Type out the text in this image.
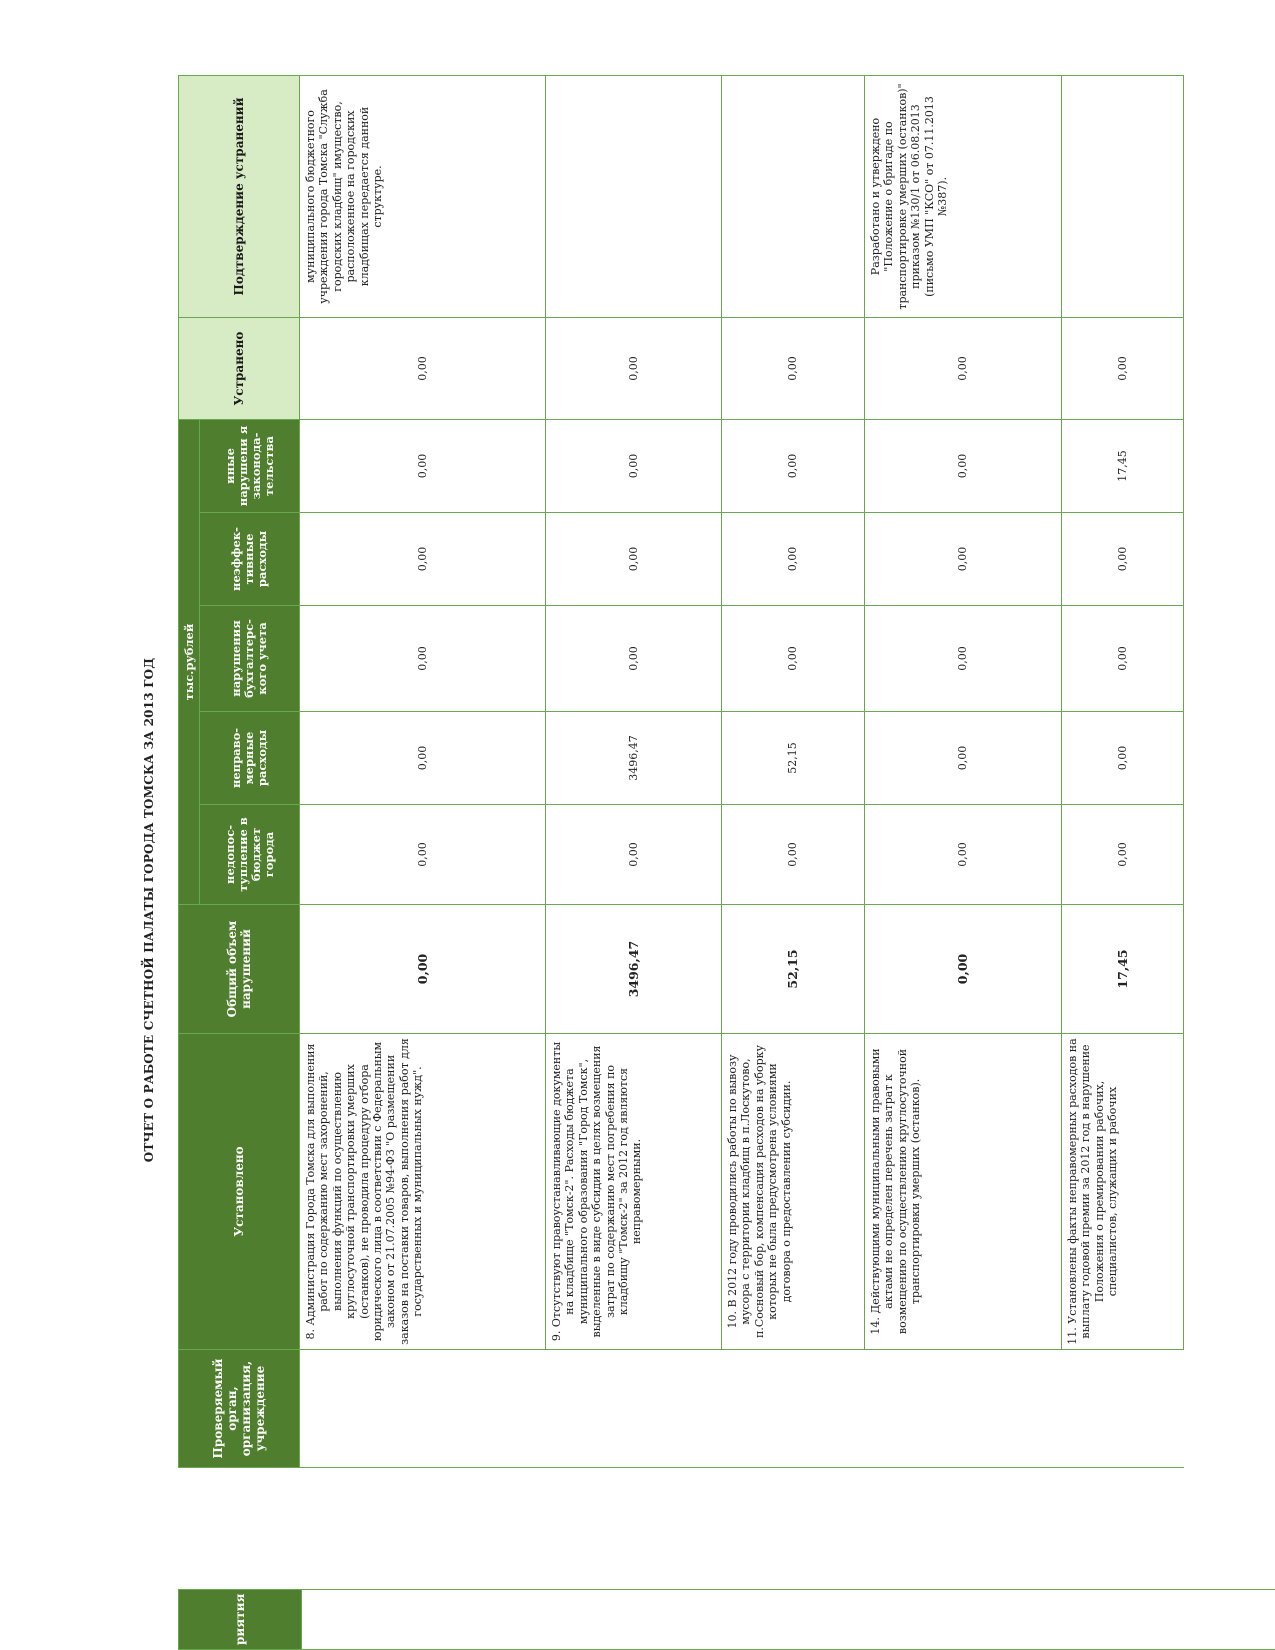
ОТЧЕТ О РАБОТЕ СЧЕТНОЙ ПАЛАТЫ ГОРОДА ТОМСКА ЗА 2013 ГОД
риятия

Проверяемый орган, организация, учреждение	Установлено	Общий объем нарушений	тыс.рублей					Устранено	Подтверждение устранений
			недопос-тупление в бюджет города	неправо-мерные расходы	нарушения бухгалтерс-кого учета	неэффек-тивные расходы	иные нарушени я законода-тельства		
	8. Администрация Города Томска для выполнения работ по содержанию мест захоронений, выполнения функций по осуществлению круглосуточной транспортировки умерших (останков), не проводила процедуру отбора юридического лица в соответствии с Федеральным законом от 21.07.2005 №94-ФЗ "О размещении заказов на поставки товаров, выполнения работ для государственных и муниципальных нужд".	0,00	0,00	0,00	0,00	0,00	0,00	0,00	муниципального бюджетного учреждения города Томска "Служба городских кладбищ" имущество, расположенное на городских кладбищах передается данной структуре.
	9. Отсутствуют правоустанавливающие документы на кладбище "Томск-2". Расходы бюджета муниципального образования "Город Томск", выделенные в виде субсидии в целях возмещения затрат по содержанию мест погребения по кладбищу "Томск-2" за 2012 год являются неправомерными.	3496,47	0,00	3496,47	0,00	0,00	0,00	0,00	
	10. В 2012 году проводились работы по вывозу мусора с территории кладбищ в п.Лоскутово, п.Сосновый бор, компенсация расходов на уборку которых не была предусмотрена условиями договора о предоставлении субсидии.	52,15	0,00	52,15	0,00	0,00	0,00	0,00	
	14. Действующими муниципальными правовыми актами не определен перечень затрат к возмещению по осуществлению круглосуточной транспортировки умерших (останков).	0,00	0,00	0,00	0,00	0,00	0,00	0,00	Разработано и утверждено "Положение о бригаде по транспортировке умерших (останков)" приказом №130/1 от 06.08.2013 (письмо УМП "КСО" от 07.11.2013 №387).
	11. Установлены факты неправомерных расходов на выплату годовой премии за 2012 год в нарушение Положения о премировании рабочих, специалистов, служащих и рабочих	17,45	0,00	0,00	0,00	0,00	17,45	0,00	
